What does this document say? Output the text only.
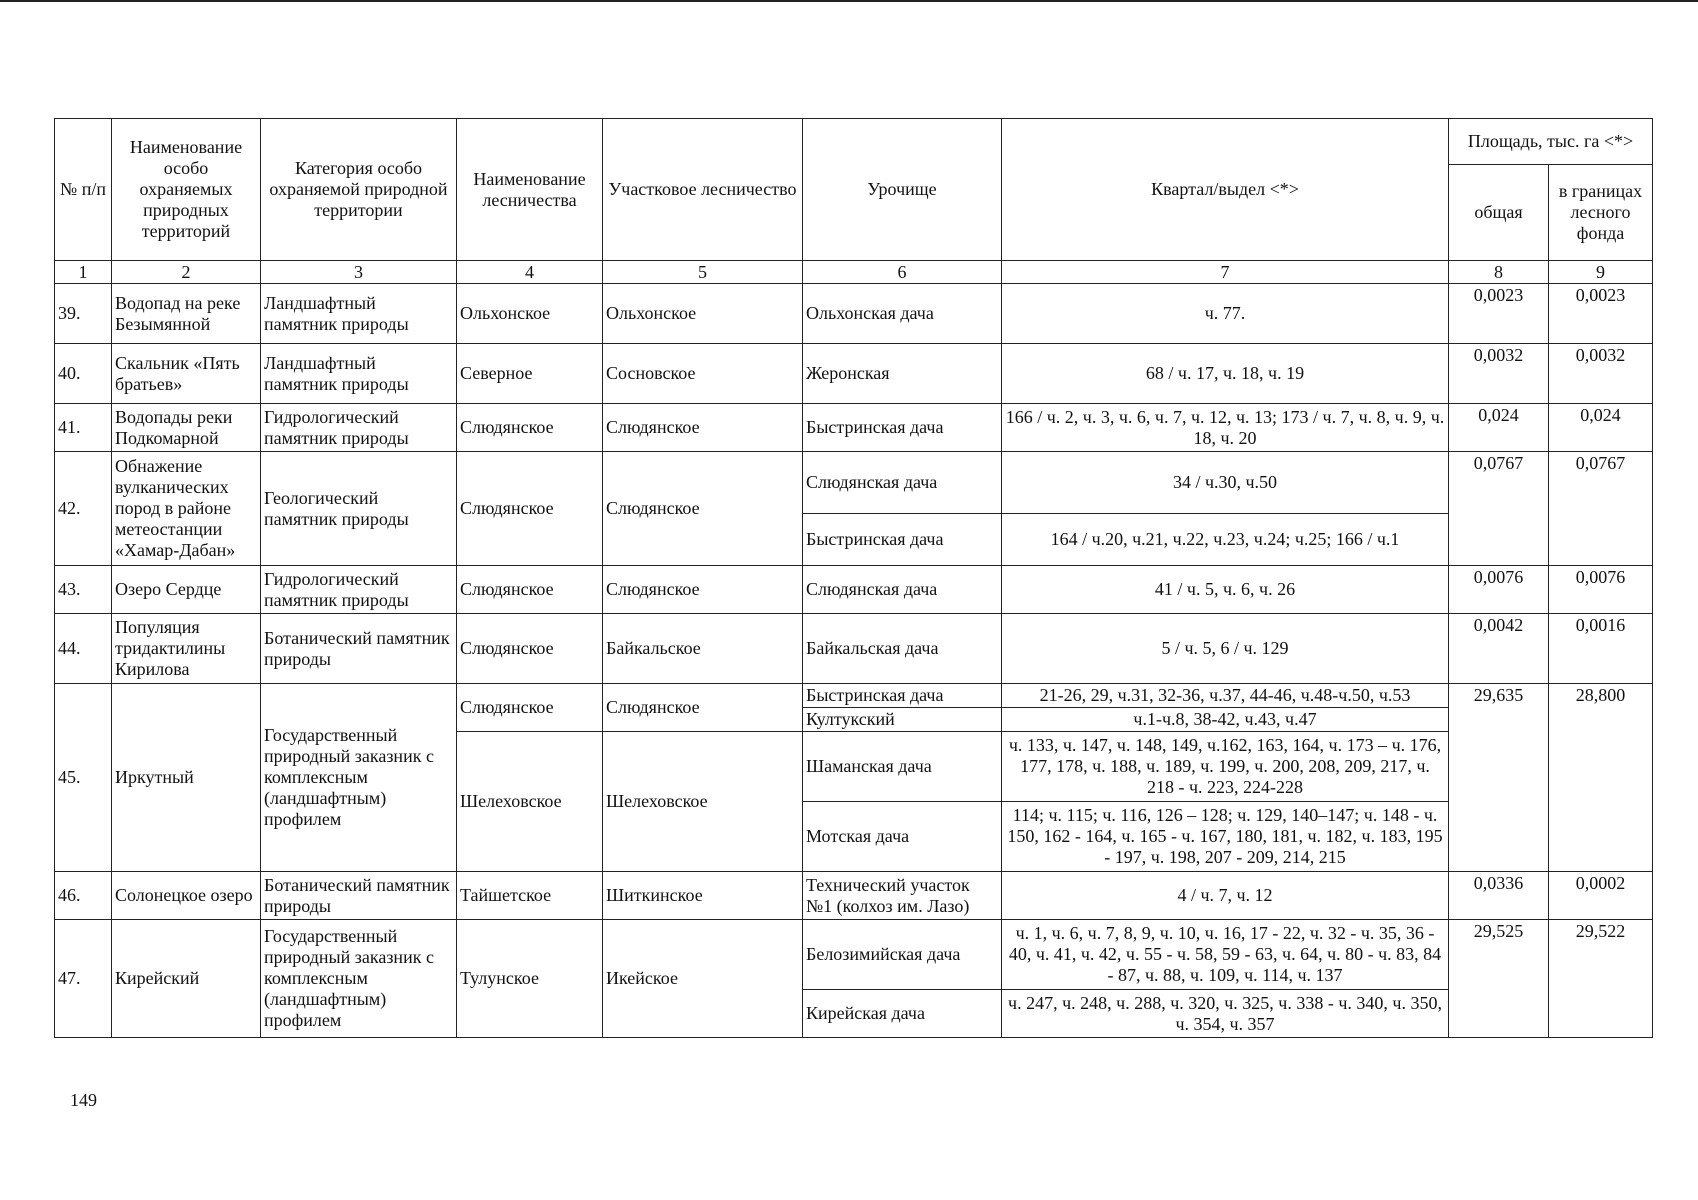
№ п/п	Наименование особо охраняемых природных территорий	Категория особо охраняемой природной территории	Наименование лесничества	Участковое лесничество	Урочище	Квартал/выдел <*>	Площадь, тыс. га <*>	
							общая	в границах лесного фонда
1	2	3	4	5	6	7	8	9
39.	Водопад на реке Безымянной	Ландшафтный памятник природы	Ольхонское	Ольхонское	Ольхонская дача	ч. 77.	0,0023	0,0023
40.	Скальник «Пять братьев»	Ландшафтный памятник природы	Северное	Сосновское	Жеронская	68 / ч. 17, ч. 18, ч. 19	0,0032	0,0032
41.	Водопады реки Подкомарной	Гидрологический памятник природы	Слюдянское	Слюдянское	Быстринская дача	166 / ч. 2, ч. 3, ч. 6, ч. 7, ч. 12, ч. 13; 173 / ч. 7, ч. 8, ч. 9, ч. 18, ч. 20	0,024	0,024
42.	Обнажение вулканических пород в районе метеостанции «Хамар-Дабан»	Геологический памятник природы	Слюдянское	Слюдянское	Слюдянская дача	34 / ч.30, ч.50	0,0767	0,0767
					Быстринская дача	164 / ч.20, ч.21, ч.22, ч.23, ч.24; ч.25; 166 / ч.1		
43.	Озеро Сердце	Гидрологический памятник природы	Слюдянское	Слюдянское	Слюдянская дача	41 / ч. 5, ч. 6, ч. 26	0,0076	0,0076
44.	Популяция тридактилины Кирилова	Ботанический памятник природы	Слюдянское	Байкальское	Байкальская дача	5 / ч. 5, 6 / ч. 129	0,0042	0,0016
45.	Иркутный	Государственный природный заказник с комплексным (ландшафтным) профилем	Слюдянское	Слюдянское	Быстринская дача	21-26, 29, ч.31, 32-36, ч.37, 44-46, ч.48-ч.50, ч.53	29,635	28,800
					Култукский	ч.1-ч.8, 38-42, ч.43, ч.47		
			Шелеховское	Шелеховское	Шаманская дача	ч. 133, ч. 147, ч. 148, 149, ч.162, 163, 164, ч. 173 – ч. 176, 177, 178, ч. 188, ч. 189, ч. 199, ч. 200, 208, 209, 217, ч. 218 - ч. 223, 224-228		
					Мотская дача	114; ч. 115; ч. 116, 126 – 128; ч. 129, 140–147; ч. 148 - ч. 150, 162 - 164, ч. 165 - ч. 167, 180, 181, ч. 182, ч. 183, 195 - 197, ч. 198, 207 - 209, 214, 215		
46.	Солонецкое озеро	Ботанический памятник природы	Тайшетское	Шиткинское	Технический участок №1 (колхоз им. Лазо)	4 / ч. 7, ч. 12	0,0336	0,0002
47.	Кирейский	Государственный природный заказник с комплексным (ландшафтным) профилем	Тулунское	Икейское	Белозимийская дача	ч. 1, ч. 6, ч. 7, 8, 9, ч. 10, ч. 16, 17 - 22, ч. 32 - ч. 35, 36 - 40, ч. 41, ч. 42, ч. 55 - ч. 58, 59 - 63, ч. 64, ч. 80 - ч. 83, 84 - 87, ч. 88, ч. 109, ч. 114, ч. 137	29,525	29,522
					Кирейская дача	ч. 247, ч. 248, ч. 288, ч. 320, ч. 325, ч. 338 - ч. 340, ч. 350, ч. 354, ч. 357		
149
